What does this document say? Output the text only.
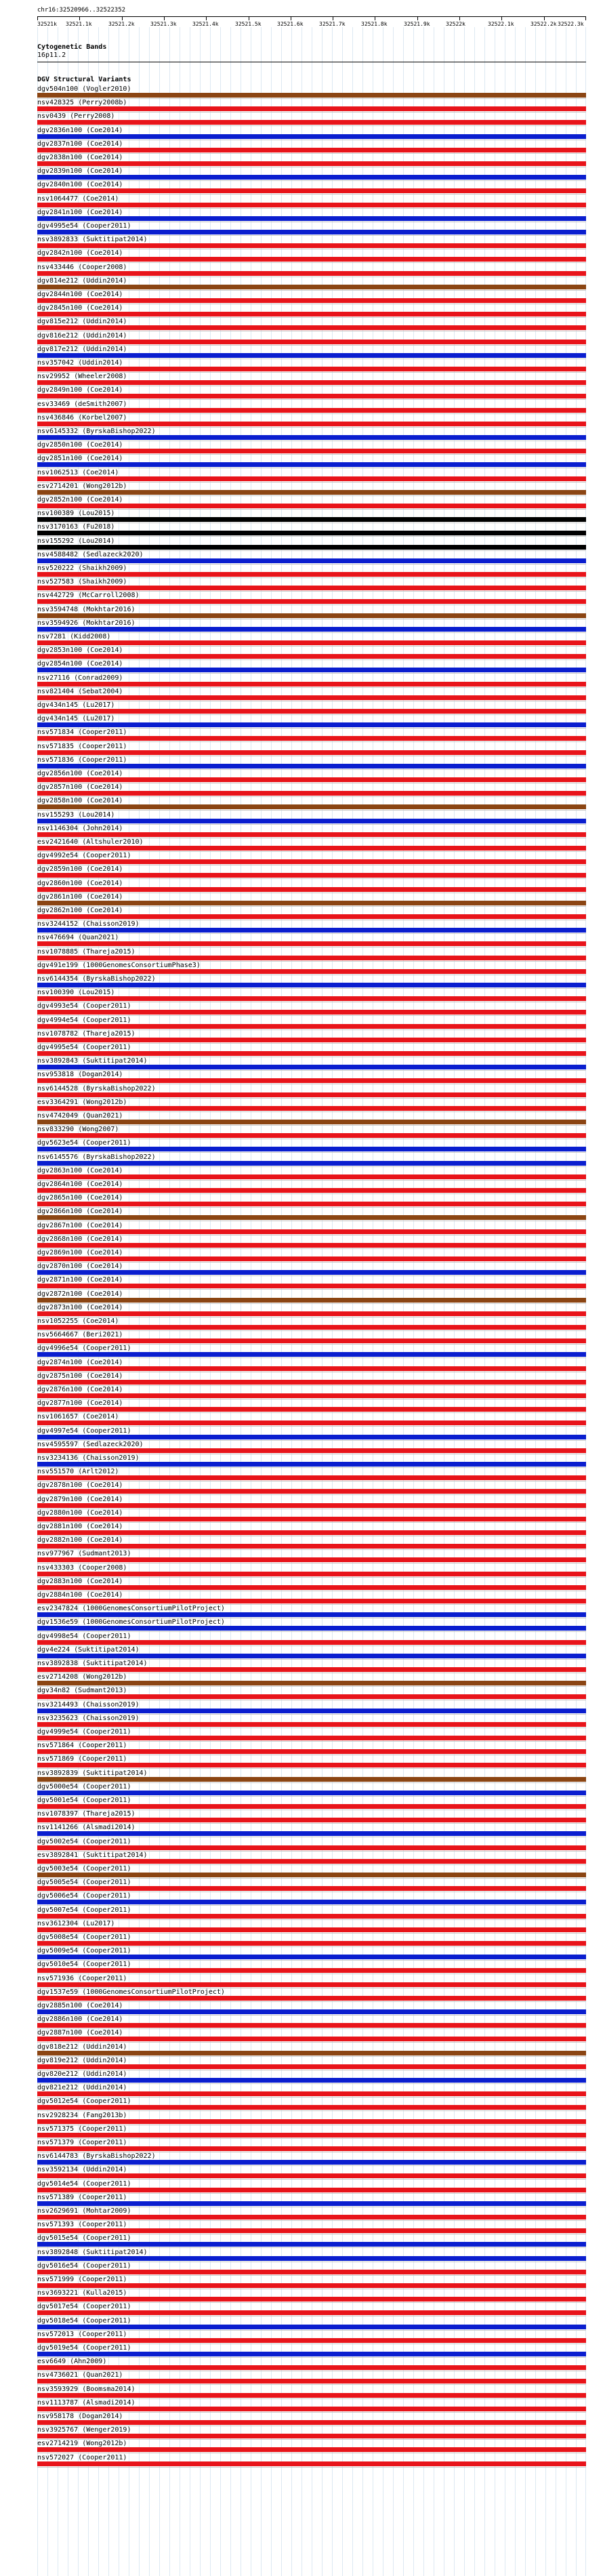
32521k 32521.1k	32521.2k	32521.3k	32521.4k	32521.5k	32521.6k	32521.7k	32521.8k	32521.9k	32522k	32522.1k	32522.2k 32522.3k
chr16:32520966..32522352
Cytogenetic Bands
16p11.2
DGV Structural Variants
dgv504n100 (Vogler2010)
nsv428325 (Perry2008b)
nsv0439 (Perry2008)
dgv2836n100 (Coe2014)
dgv2837n100 (Coe2014)
dgv2838n100 (Coe2014)
dgv2839n100 (Coe2014)
dgv2840n100 (Coe2014)
nsv1064477 (Coe2014)
dgv2841n100 (Coe2014)
dgv4995e54 (Cooper2011)
nsv3892833 (Suktitipat2014)
dgv2842n100 (Coe2014)
nsv433446 (Cooper2008)
dgv814e212 (Uddin2014)
dgv2844n100 (Coe2014)
dgv2845n100 (Coe2014)
dgv815e212 (Uddin2014)
dgv816e212 (Uddin2014)
dgv817e212 (Uddin2014)
nsv357042 (Uddin2014)
nsv29952 (Wheeler2008)
dgv2849n100 (Coe2014)
esv33469 (deSmith2007)
nsv436846 (Korbel2007)
nsv6145332 (ByrskaBishop2022)
dgv2850n100 (Coe2014)
dgv2851n100 (Coe2014)
nsv1062513 (Coe2014)
esv2714201 (Wong2012b)
dgv2852n100 (Coe2014)
nsv100389 (Lou2015)
nsv3170163 (Fu2018)
nsv155292 (Lou2014)
nsv4588482 (Sedlazeck2020)
nsv520222 (Shaikh2009)
nsv527583 (Shaikh2009)
nsv442729 (McCarroll2008)
nsv3594748 (Mokhtar2016)
nsv3594926 (Mokhtar2016)
nsv7281 (Kidd2008)
dgv2853n100 (Coe2014)
dgv2854n100 (Coe2014)
nsv27116 (Conrad2009)
nsv821404 (Sebat2004)
dgv434n145 (Lu2017)
dgv434n145 (Lu2017)
nsv571834 (Cooper2011)
nsv571835 (Cooper2011)
nsv571836 (Cooper2011)
dgv2856n100 (Coe2014)
dgv2857n100 (Coe2014)
dgv2858n100 (Coe2014)
nsv155293 (Lou2014)
nsv1146304 (John2014)
esv2421640 (Altshuler2010)
dgv4992e54 (Cooper2011)
dgv2859n100 (Coe2014)
dgv2860n100 (Coe2014)
dgv2861n100 (Coe2014)
dgv2862n100 (Coe2014)
nsv3244152 (Chaisson2019)
nsv476694 (Quan2021)
nsv1078885 (Thareja2015)
dgv491e199 (1000GenomesConsortiumPhase3)
nsv6144354 (ByrskaBishop2022)
nsv100390 (Lou2015)
dgv4993e54 (Cooper2011)
dgv4994e54 (Cooper2011)
nsv1078782 (Thareja2015)
dgv4995e54 (Cooper2011)
nsv3892843 (Suktitipat2014)
nsv953818 (Dogan2014)
nsv6144528 (ByrskaBishop2022)
esv3364291 (Wong2012b)
nsv4742049 (Quan2021)
nsv833290 (Wong2007)
dgv5623e54 (Cooper2011)
nsv6145576 (ByrskaBishop2022)
dgv2863n100 (Coe2014)
dgv2864n100 (Coe2014)
dgv2865n100 (Coe2014)
dgv2866n100 (Coe2014)
dgv2867n100 (Coe2014)
dgv2868n100 (Coe2014)
dgv2869n100 (Coe2014)
dgv2870n100 (Coe2014)
dgv2871n100 (Coe2014)
dgv2872n100 (Coe2014)
dgv2873n100 (Coe2014)
nsv1052255 (Coe2014)
nsv5664667 (Beri2021)
dgv4996e54 (Cooper2011)
dgv2874n100 (Coe2014)
dgv2875n100 (Coe2014)
dgv2876n100 (Coe2014)
dgv2877n100 (Coe2014)
nsv1061657 (Coe2014)
dgv4997e54 (Cooper2011)
nsv4595597 (Sedlazeck2020)
nsv3234136 (Chaisson2019)
nsv551570 (Arlt2012)
dgv2878n100 (Coe2014)
dgv2879n100 (Coe2014)
dgv2880n100 (Coe2014)
dgv2881n100 (Coe2014)
dgv2882n100 (Coe2014)
nsv977967 (Sudmant2013)
nsv433303 (Cooper2008)
dgv2883n100 (Coe2014)
dgv2884n100 (Coe2014)
esv2347824 (1000GenomesConsortiumPilotProject)
dgv1536e59 (1000GenomesConsortiumPilotProject)
dgv4998e54 (Cooper2011)
dgv4e224 (Suktitipat2014)
nsv3892838 (Suktitipat2014)
esv2714208 (Wong2012b)
dgv34n82 (Sudmant2013)
nsv3214493 (Chaisson2019)
nsv3235623 (Chaisson2019)
dgv4999e54 (Cooper2011)
nsv571864 (Cooper2011)
nsv571869 (Cooper2011)
nsv3892839 (Suktitipat2014)
dgv5000e54 (Cooper2011)
dgv5001e54 (Cooper2011)
nsv1078397 (Thareja2015)
nsv1141266 (Alsmadi2014)
dgv5002e54 (Cooper2011)
esv3892841 (Suktitipat2014)
dgv5003e54 (Cooper2011)
dgv5005e54 (Cooper2011)
dgv5006e54 (Cooper2011)
dgv5007e54 (Cooper2011)
nsv3612304 (Lu2017)
dgv5008e54 (Cooper2011)
dgv5009e54 (Cooper2011)
dgv5010e54 (Cooper2011)
nsv571936 (Cooper2011)
dgv1537e59 (1000GenomesConsortiumPilotProject)
dgv2885n100 (Coe2014)
dgv2886n100 (Coe2014)
dgv2887n100 (Coe2014)
dgv818e212 (Uddin2014)
dgv819e212 (Uddin2014)
dgv820e212 (Uddin2014)
dgv821e212 (Uddin2014)
dgv5012e54 (Cooper2011)
nsv2928234 (Fang2013b)
nsv571375 (Cooper2011)
nsv571379 (Cooper2011)
nsv6144783 (ByrskaBishop2022)
nsv3592134 (Uddin2014)
dgv5014e54 (Cooper2011)
nsv571389 (Cooper2011)
nsv2629691 (Mohtar2009)
nsv571393 (Cooper2011)
dgv5015e54 (Cooper2011)
nsv3892848 (Suktitipat2014)
dgv5016e54 (Cooper2011)
nsv571999 (Cooper2011)
nsv3693221 (Kulla2015)
dgv5017e54 (Cooper2011)
dgv5018e54 (Cooper2011)
nsv572013 (Cooper2011)
dgv5019e54 (Cooper2011)
esv6649 (Ahn2009)
nsv4736021 (Quan2021)
nsv3593929 (Boomsma2014)
nsv1113787 (Alsmadi2014)
nsv958178 (Dogan2014)
nsv3925767 (Wenger2019)
esv2714219 (Wong2012b)
nsv572027 (Cooper2011)
